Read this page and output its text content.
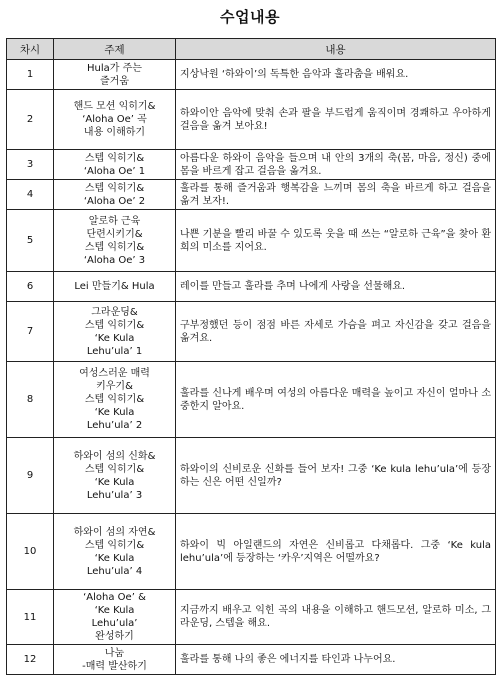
수업내용
차시	주제	내용
1	Hula가 주는
즐거움	지상낙원 ‘하와이’의 독특한 음악과 훌라춤을 배워요.
2	핸드 모션 익히기&
‘Aloha Oe’ 곡
내용 이해하기	하와이안 음악에 맞춰 손과 팔을 부드럽게 움직이며 경쾌하고 우아하게 걸음을 옮겨 보아요!
3	스텝 익히기&
‘Aloha Oe’ 1	아름다운 하와이 음악을 들으며 내 안의 3개의 축(몸, 마음, 정신) 중에 몸을 바르게 잡고 걸음을 옮겨요.
4	스텝 익히기&
‘Aloha Oe’ 2	훌라를 통해 즐거움과 행복감을 느끼며 몸의 축을 바르게 하고 걸음을 옮겨 보자!.
5	알로하 근육
단련시키기&
스텝 익히기&
‘Aloha Oe’ 3	나쁜 기분을 빨리 바꿀 수 있도록 웃을 때 쓰는 “알로하 근육”을 찾아 환희의 미소를 지어요.
6	Lei 만들기& Hula	레이를 만들고 훌라를 추며 나에게 사랑을 선물해요.
7	그라운딩&
스텝 익히기&
‘Ke Kula
Lehu’ula’ 1	구부정했던 등이 점점 바른 자세로 가슴을 펴고 자신감을 갖고 걸음을 옮겨요.
8	여성스러운 매력
키우기&
스텝 익히기&
‘Ke Kula
Lehu’ula’ 2	훌라를 신나게 배우며 여성의 아름다운 매력을 높이고 자신이 얼마나 소중한지 알아요.
9	하와이 섬의 신화&
스텝 익히기&
‘Ke Kula
Lehu’ula’ 3	하와이의 신비로운 신화를 들어 보자! 그중 ‘Ke kula lehu’ula’에 등장하는 신은 어떤 신일까?
10	하와이 섬의 자연&
스텝 익히기&
‘Ke Kula
Lehu’ula’ 4	하와이 빅 아일랜드의 자연은 신비롭고 다채롭다. 그중 ‘Ke kula lehu’ula’에 등장하는 ‘카우’지역은 어떨까요?
11	‘Aloha Oe’ &
‘Ke Kula
Lehu’ula’
완성하기	지금까지 배우고 익힌 곡의 내용을 이해하고 핸드모션, 알로하 미소, 그라운딩, 스텝을 해요.
12	나눔
-매력 발산하기	훌라를 통해 나의 좋은 에너지를 타인과 나누어요.
